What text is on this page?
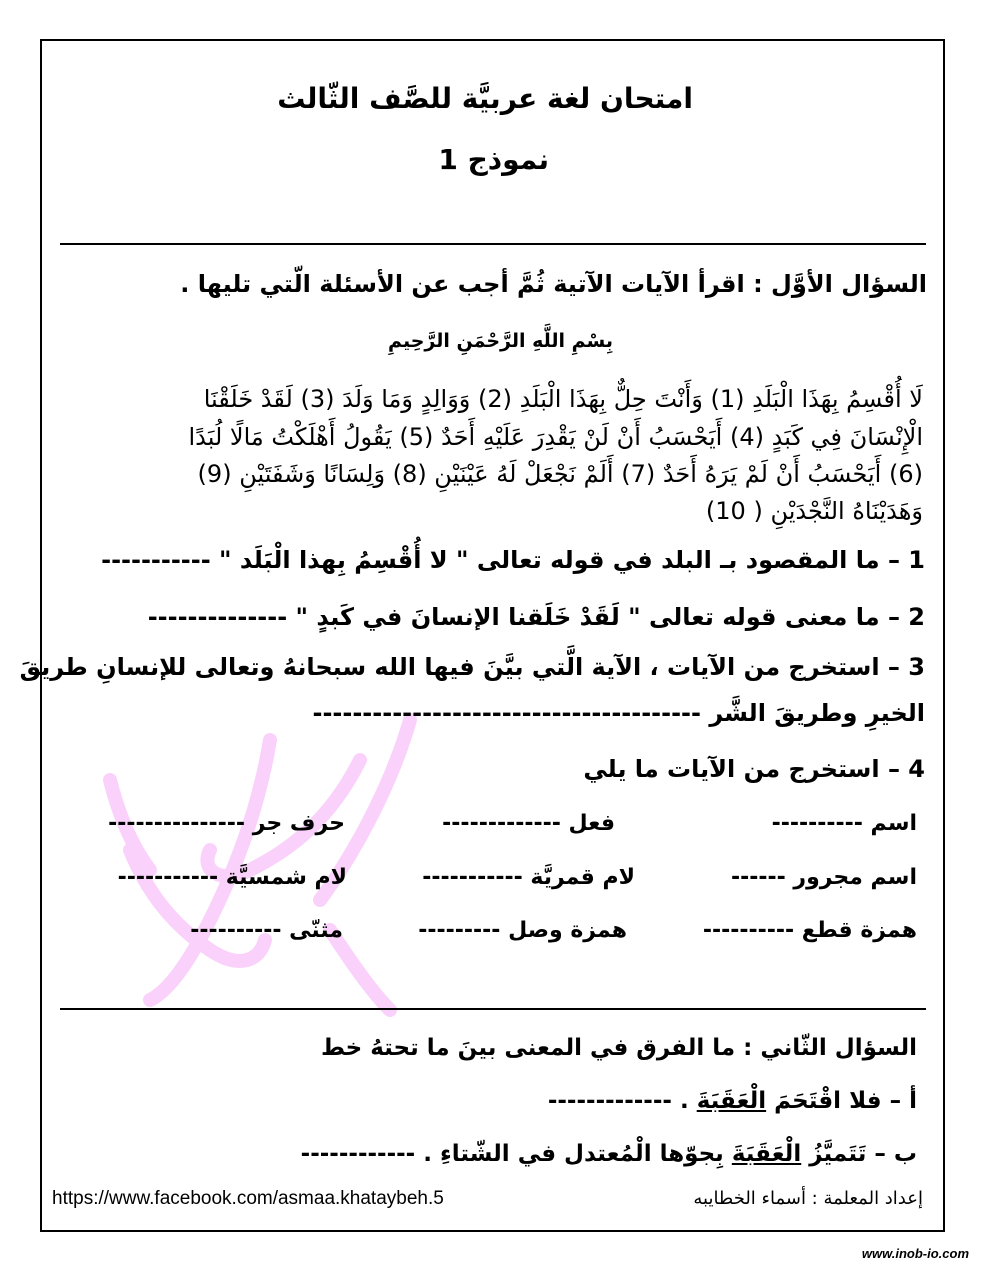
امتحان لغة عربيَّة للصَّف الثّالث
نموذج 1
السؤال الأوَّل : اقرأ الآيات الآتية ثُمَّ أجب عن الأسئلة الّتي تليها .
بِسْمِ اللَّهِ الرَّحْمَنِ الرَّحِيمِ
لَا أُقْسِمُ بِهَذَا الْبَلَدِ (1) وَأَنْتَ حِلٌّ بِهَذَا الْبَلَدِ (2) وَوَالِدٍ وَمَا وَلَدَ (3) لَقَدْ خَلَقْنَا
الْإِنْسَانَ فِي كَبَدٍ (4) أَيَحْسَبُ أَنْ لَنْ يَقْدِرَ عَلَيْهِ أَحَدٌ (5) يَقُولُ أَهْلَكْتُ مَالًا لُبَدًا
(6) أَيَحْسَبُ أَنْ لَمْ يَرَهُ أَحَدٌ (7) أَلَمْ نَجْعَلْ لَهُ عَيْنَيْنِ (8) وَلِسَانًا وَشَفَتَيْنِ (9)
وَهَدَيْنَاهُ النَّجْدَيْنِ ( 10)
1 – ما المقصود بـ البلد في قوله تعالى " لا أُقْسِمُ بِهذا الْبَلَد " -----------
2 – ما معنى قوله تعالى " لَقَدْ خَلَقنا الإنسانَ في كَبدٍ " --------------
3 – استخرج من الآيات ، الآية الَّتي بيَّنَ فيها الله سبحانهُ وتعالى للإنسانِ طريقَ
الخيرِ وطريقَ الشَّر ---------------------------------------
4 – استخرج من الآيات ما يلي
اسم ----------
فعل -------------
حرف جر ---------------
اسم مجرور ------
لام قمريَّة -----------
لام شمسيَّة -----------
همزة قطع ----------
همزة وصل ---------
مثنّى ----------
السؤال الثّاني : ما الفرق في المعنى بينَ ما تحتهُ خط
أ – فلا اقْتَحَمَ الْعَقَبَةَ . -------------
ب – تَتَميَّزُ الْعَقَبَةَ بِجوّها الْمُعتدل في الشّتاءِ . ------------
إعداد المعلمة : أسماء الخطايبه
https://www.facebook.com/asmaa.khataybeh.5
www.inob-io.com
